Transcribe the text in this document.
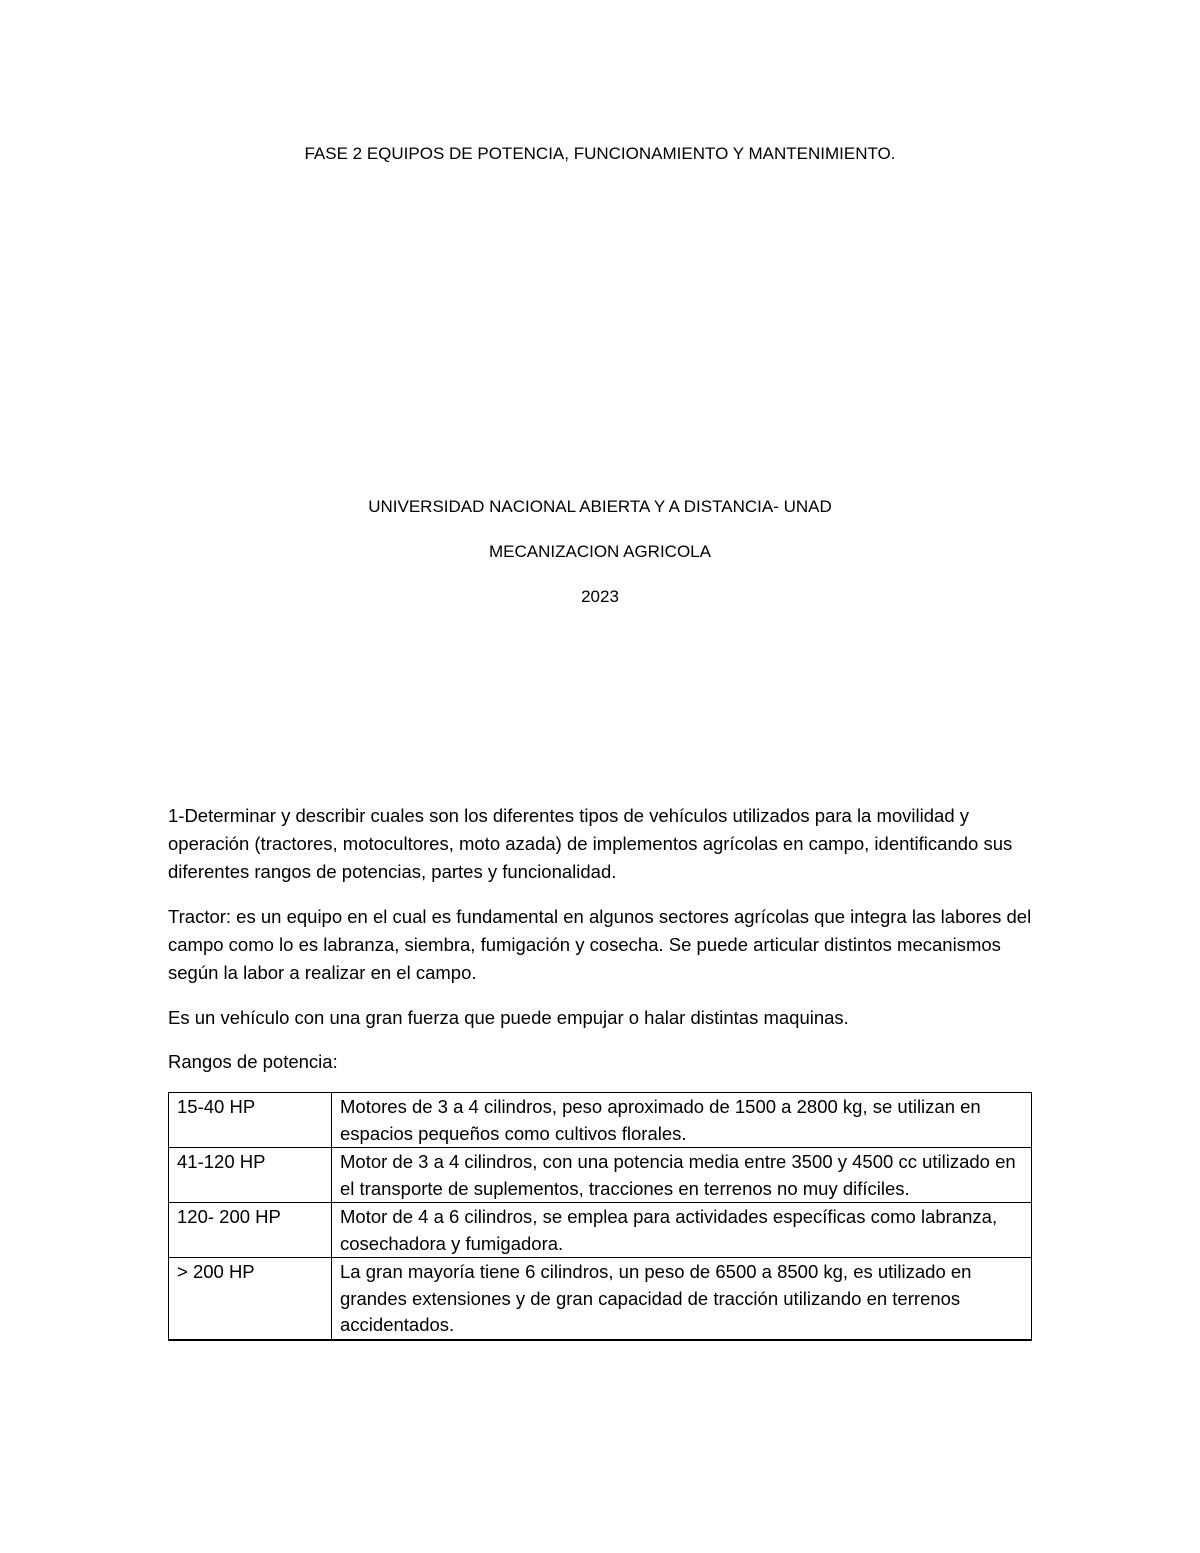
FASE 2 EQUIPOS DE POTENCIA, FUNCIONAMIENTO Y MANTENIMIENTO.
UNIVERSIDAD NACIONAL ABIERTA Y A DISTANCIA- UNAD
MECANIZACION AGRICOLA
2023

1-Determinar y describir cuales son los diferentes tipos de vehículos utilizados para la movilidad y operación (tractores, motocultores, moto azada) de implementos agrícolas en campo, identificando sus diferentes rangos de potencias, partes y funcionalidad.

Tractor: es un equipo en el cual es fundamental en algunos sectores agrícolas que integra las labores del campo como lo es labranza, siembra, fumigación y cosecha. Se puede articular distintos mecanismos según la labor a realizar en el campo.

Es un vehículo con una gran fuerza que puede empujar o halar distintas maquinas.

Rangos de potencia:

15-40 HP	Motores de 3 a 4 cilindros, peso aproximado de 1500 a 2800 kg, se utilizan en espacios pequeños como cultivos florales.
41-120 HP	Motor de 3 a 4 cilindros, con una potencia media entre 3500 y 4500 cc utilizado en el transporte de suplementos, tracciones en terrenos no muy difíciles.
120- 200 HP	Motor de 4 a 6 cilindros, se emplea para actividades específicas como labranza, cosechadora y fumigadora.
> 200 HP	La gran mayoría tiene 6 cilindros, un peso de 6500 a 8500 kg, es utilizado en grandes extensiones y de gran capacidad de tracción utilizando en terrenos accidentados.
